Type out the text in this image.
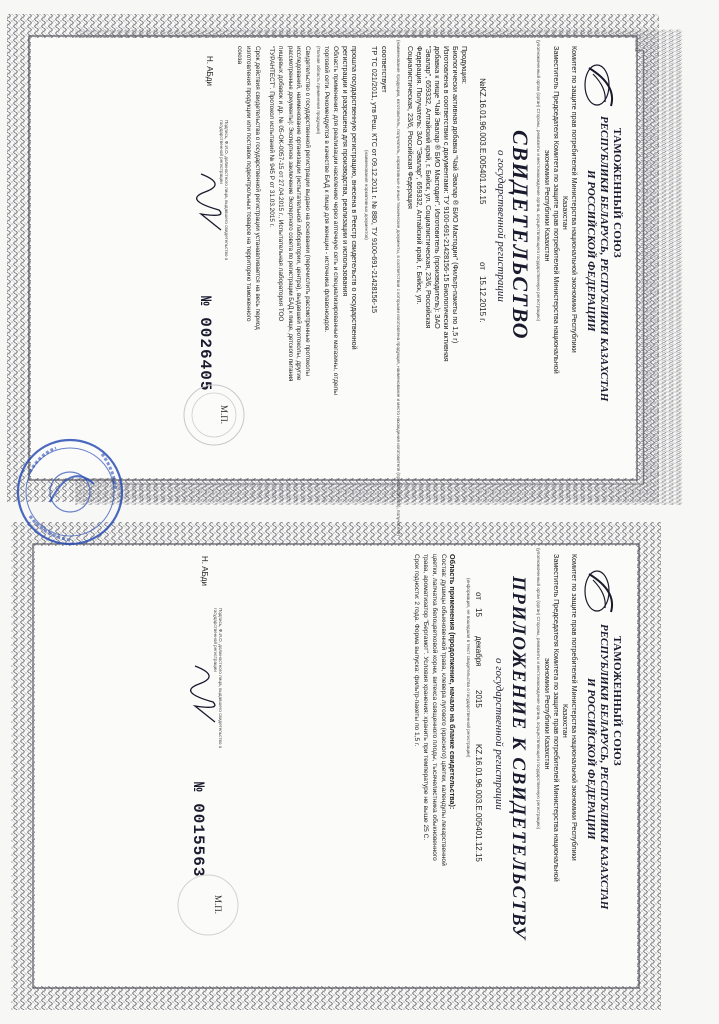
ТАМОЖЕННЫЙ СОЮЗ
РЕСПУБЛИКИ БЕЛАРУСЬ, РЕСПУБЛИКИ КАЗАХСТАН
И РОССИЙСКОЙ ФЕДЕРАЦИИ
Комитет по защите прав потребителей Министерства национальной экономики Республики
Казахстан
Заместитель Председателя Комитета по защите прав потребителей Министерства национальной
экономики Республики Казахстан
(уполномоченный орган (орган) Стороны, реквизиты и местонахождение органа, осуществляющего государственную регистрацию)
СВИДЕТЕЛЬСТВО
о государственной регистрации
№KZ.16.01.96.003.Е.005401.12.15
от
15.12.2015 г.
Продукция:
Биологически активная добавка "Чай Эвалар ® БИО Мастодин" (Фильтр-пакеты по 1,5 г)
Изготовлена в соответствии с документами: ТУ 9100-691-21428156-15 Биологически активная
добавка к пище "Чай Эвалар ® БИО Мастодин". Изготовитель (производитель): ЗАО
"Эвалар", 659332, Алтайский край, г. Бийск, ул. Социалистическая, 23/6, Российская
Федерация. Получатель: ЗАО "Эвалар", 659332, Алтайский край, г. Бийск, ул.
Социалистическая, 23/6, Российская Федерация
(наименование продукции, изготовитель, получатель, нормативные и иные технические документы, в соответствии с которыми изготовлена продукция, наименование и место нахождения изготовителя (производителя), получателя)
соответствует
ТР ТС 021/2011, утв Реш. КТС от 09.12.2011 г. № 880, ТУ 9100-691-21428156-15
(наименования нормативных документов)
прошла государственную регистрацию, внесена в Реестр свидетельств о государственной
регистрации и разрешена для производства, реализации и использования
Область применения: для реализации населению через аптечную сеть и специализированные магазины, отделы
торговой сети. Рекомендуется в качестве БАД к пище для женщин - источника флавоноидов.
(Полная область применения продукции)
Свидетельство о государственной регистрации выдано на основании (перечислить рассмотренные протоколы
исследований, наименование организации (испытательной лаборатории, центра), выдавшей протоколы, другие
рассмотренные документы): Экспертное заключение Экспертного совета по регистрации БАД к пище, детского питания
пищевых добавок и др. № 05-OK-0057-15 от 27.04.2015 г., Испытательная лаборатория ТОО
"ТУРАНТЕСТ". Протокол испытаний № 945 Р от 31.03.2015 г.
Срок действия свидетельства о государственной регистрации устанавливается на весь период
изготовления продукции или поставок подконтрольных товаров на территорию таможенного
союза
Подпись, Ф.И.О. должностного лица, выдавшего свидетельство о государственной регистрации
Н. АБди
№ 0026405
М.П.
ТАМОЖЕННЫЙ СОЮЗ
РЕСПУБЛИКИ БЕЛАРУСЬ, РЕСПУБЛИКИ КАЗАХСТАН
И РОССИЙСКОЙ ФЕДЕРАЦИИ
Комитет по защите прав потребителей Министерства национальной экономики Республики
Казахстан
Заместитель Председателя Комитета по защите прав потребителей Министерства национальной
экономики Республики Казахстан
(уполномоченный орган (орган) Стороны, реквизиты и местонахождение органа, осуществляющего государственную регистрацию)
ПРИЛОЖЕНИЕ К СВИДЕТЕЛЬСТВУ
о государственной регистрации
от
15
декабря
2015
KZ.16.01.96.003.Е.005401.12.15
(информация, не вошедшая в текст свидетельства о государственной регистрации)
Область применения (продолжение, начало на бланке свидетельства):
Состав: душицы обыкновенной трава, клевера лугового (красного) цветки, календулы лекарственной
цветки, лапчатка белоцветковой корни, витекса священного плоды, тысячелистника обыкновенного
трава, ароматизатор "Бергамот". Условия хранения: хранить при температуре не выше 25 С.
Срок годности: 2 года. Форма выпуска: фильтр-пакеты по 1,5 г.
Подпись, Ф.И.О. должностного лица, выдавшего свидетельство о государственной регистрации
Н. АБди
№ 0015563
М.П.
